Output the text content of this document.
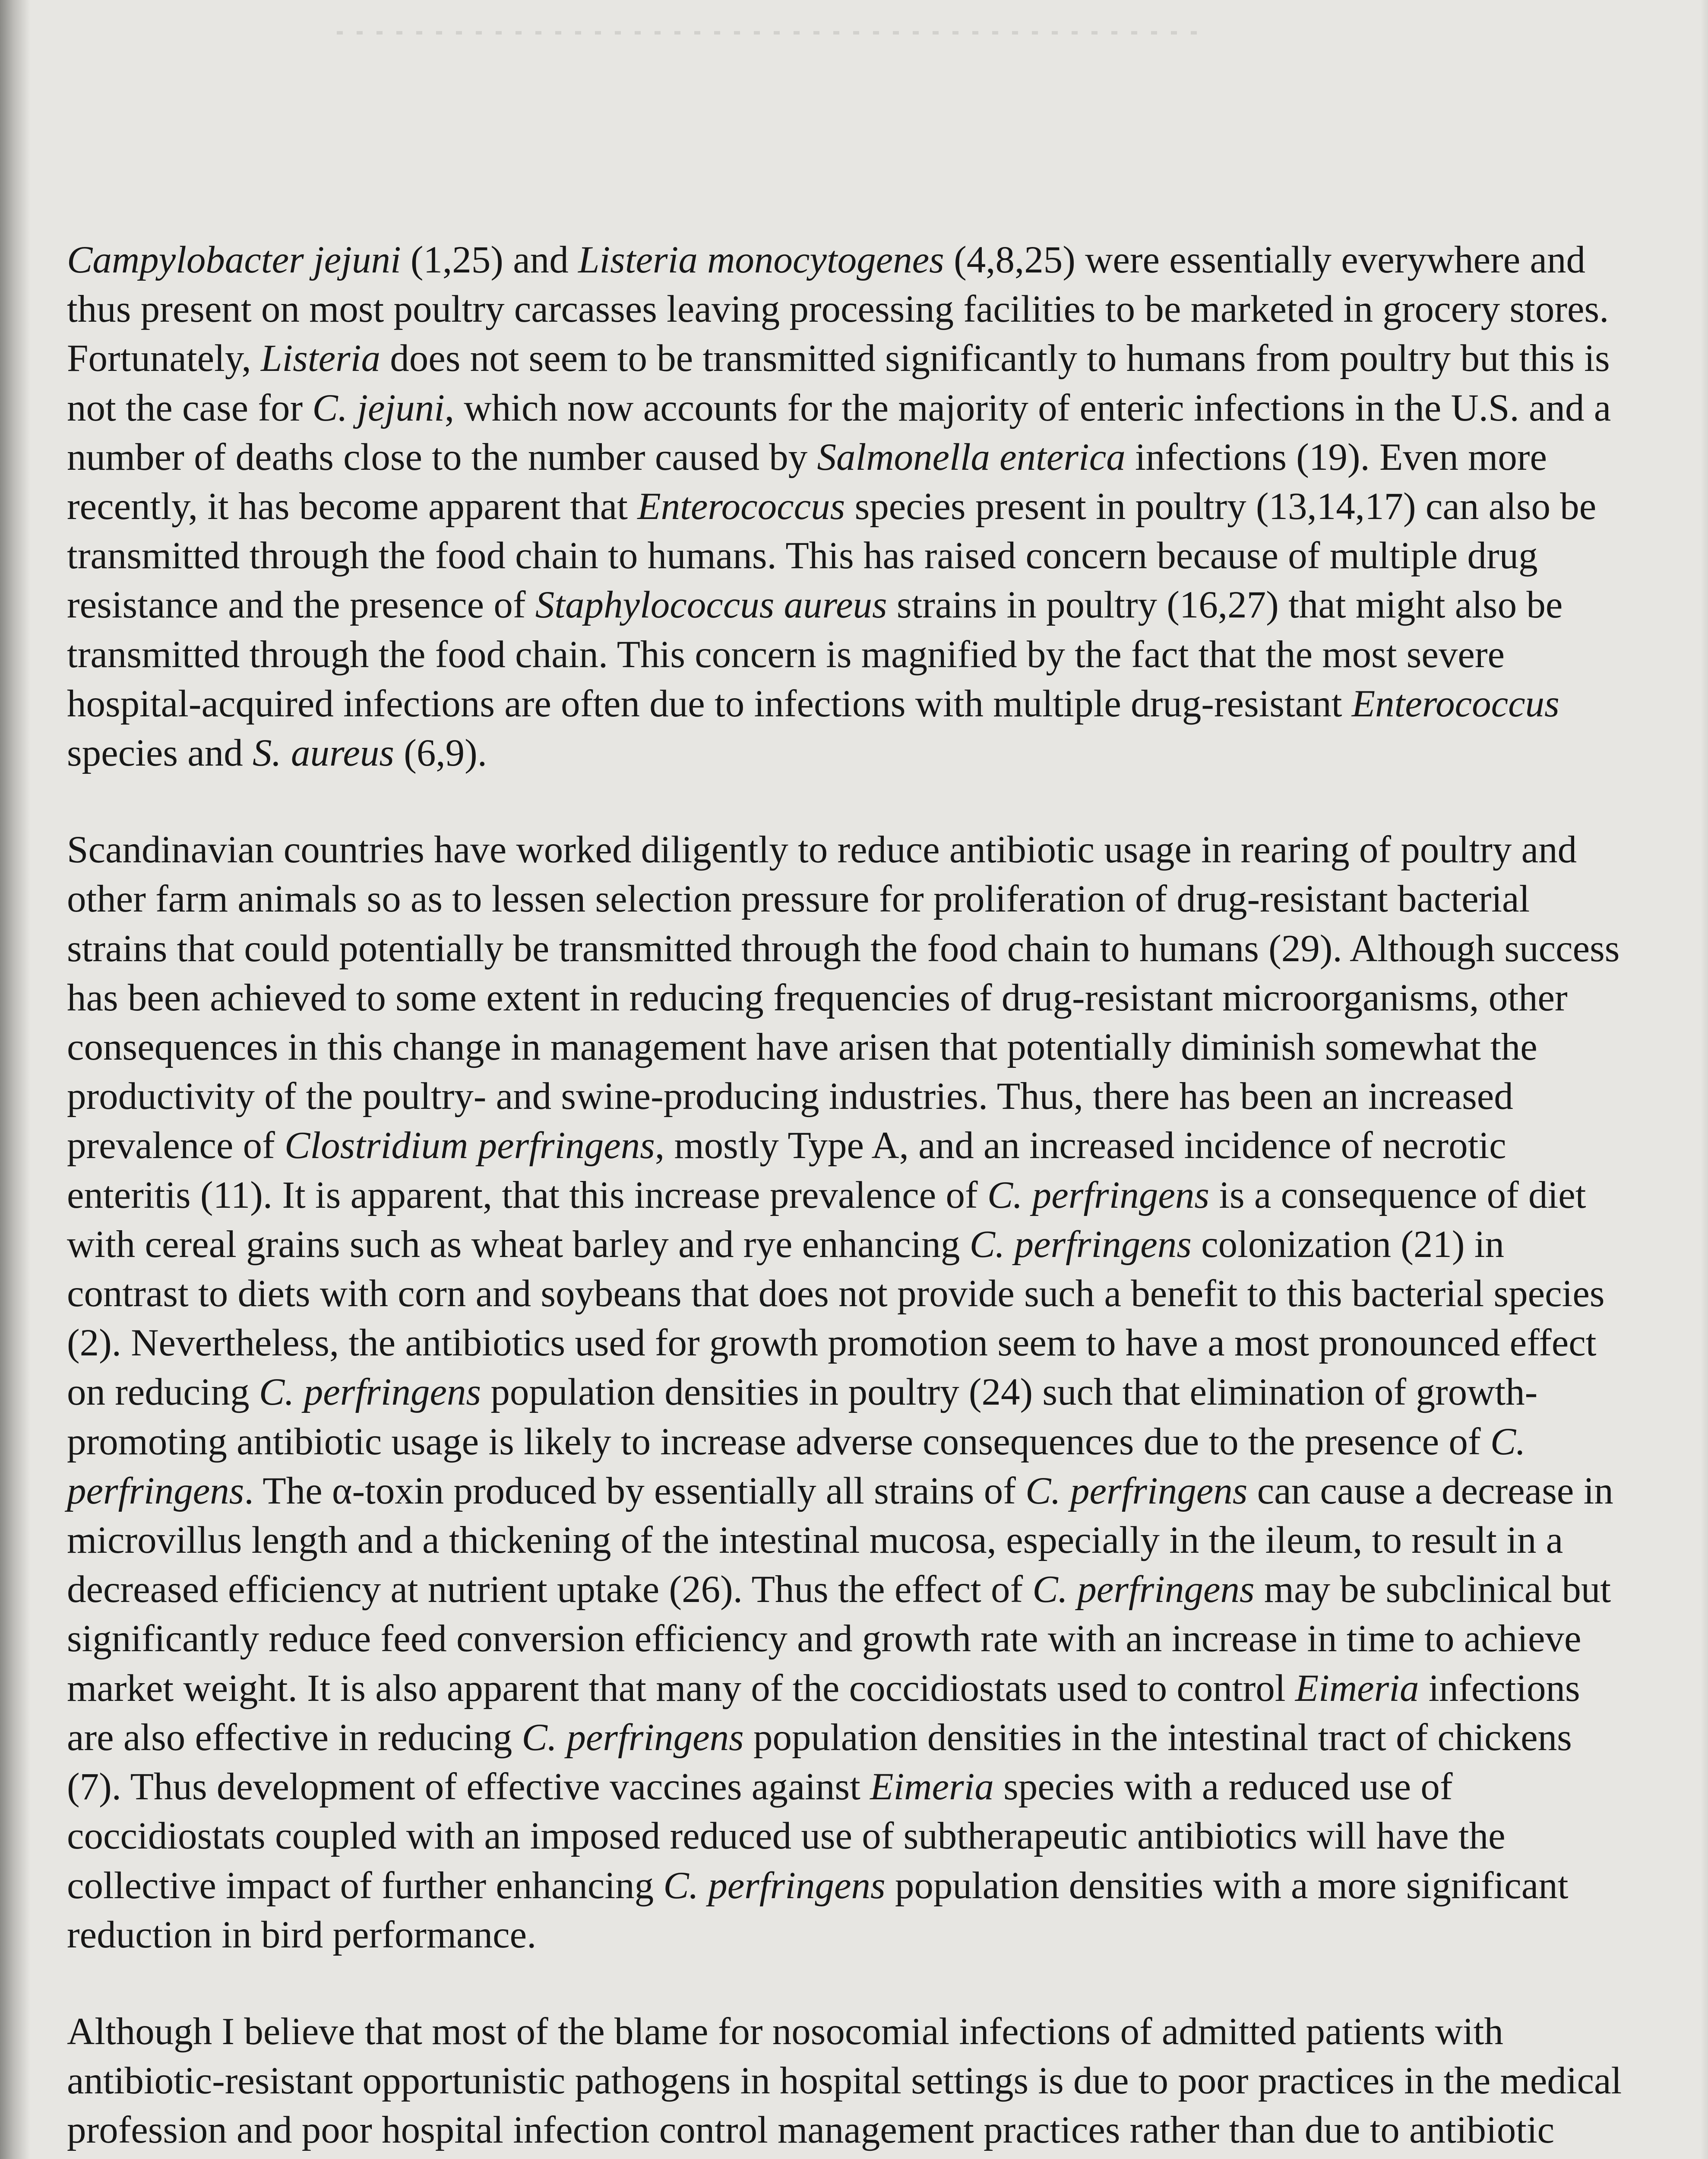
Campylobacter jejuni (1,25) and Listeria monocytogenes (4,8,25) were essentially everywhere and thus present on most poultry carcasses leaving processing facilities to be marketed in grocery stores. Fortunately, Listeria does not seem to be transmitted significantly to humans from poultry but this is not the case for C. jejuni, which now accounts for the majority of enteric infections in the U.S. and a number of deaths close to the number caused by Salmonella enterica infections (19). Even more recently, it has become apparent that Enterococcus species present in poultry (13,14,17) can also be transmitted through the food chain to humans. This has raised concern because of multiple drug resistance and the presence of Staphylococcus aureus strains in poultry (16,27) that might also be transmitted through the food chain. This concern is magnified by the fact that the most severe hospital-acquired infections are often due to infections with multiple drug-resistant Enterococcus species and S. aureus (6,9).

Scandinavian countries have worked diligently to reduce antibiotic usage in rearing of poultry and other farm animals so as to lessen selection pressure for proliferation of drug-resistant bacterial strains that could potentially be transmitted through the food chain to humans (29). Although success has been achieved to some extent in reducing frequencies of drug-resistant microorganisms, other consequences in this change in management have arisen that potentially diminish somewhat the productivity of the poultry- and swine-producing industries. Thus, there has been an increased prevalence of Clostridium perfringens, mostly Type A, and an increased incidence of necrotic enteritis (11). It is apparent, that this increase prevalence of C. perfringens is a consequence of diet with cereal grains such as wheat barley and rye enhancing C. perfringens colonization (21) in contrast to diets with corn and soybeans that does not provide such a benefit to this bacterial species (2). Nevertheless, the antibiotics used for growth promotion seem to have a most pronounced effect on reducing C. perfringens population densities in poultry (24) such that elimination of growth-promoting antibiotic usage is likely to increase adverse consequences due to the presence of C. perfringens. The α-toxin produced by essentially all strains of C. perfringens can cause a decrease in microvillus length and a thickening of the intestinal mucosa, especially in the ileum, to result in a decreased efficiency at nutrient uptake (26). Thus the effect of C. perfringens may be subclinical but significantly reduce feed conversion efficiency and growth rate with an increase in time to achieve market weight. It is also apparent that many of the coccidiostats used to control Eimeria infections are also effective in reducing C. perfringens population densities in the intestinal tract of chickens (7). Thus development of effective vaccines against Eimeria species with a reduced use of coccidiostats coupled with an imposed reduced use of subtherapeutic antibiotics will have the collective impact of further enhancing C. perfringens population densities with a more significant reduction in bird performance.

Although I believe that most of the blame for nosocomial infections of admitted patients with antibiotic-resistant opportunistic pathogens in hospital settings is due to poor practices in the medical profession and poor hospital infection control management practices rather than due to antibiotic
